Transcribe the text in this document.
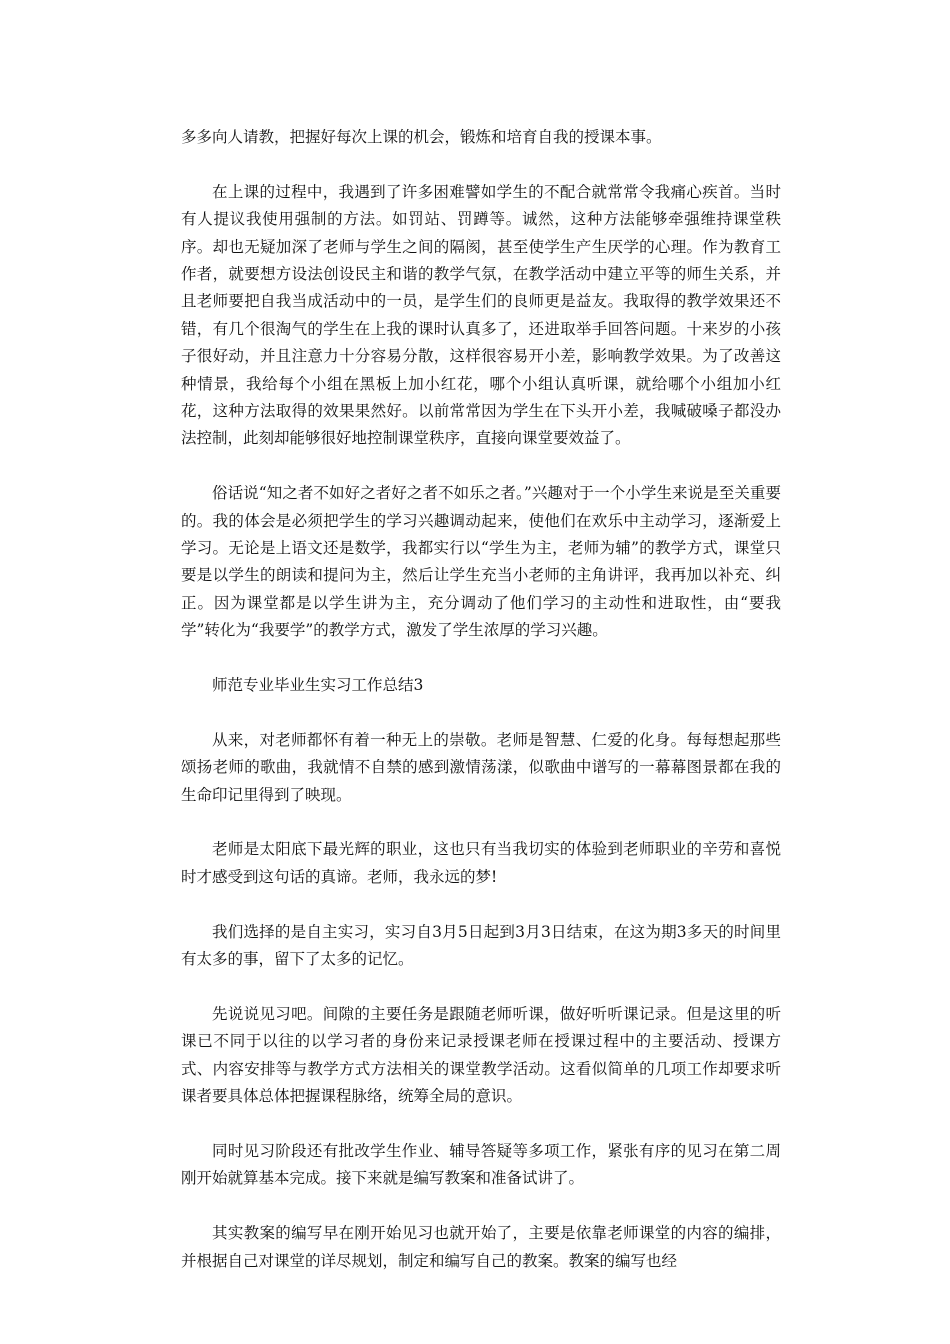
多多向人请教，把握好每次上课的机会，锻炼和培育自我的授课本事。

在上课的过程中，我遇到了许多困难譬如学生的不配合就常常令我痛心疾首。当时有人提议我使用强制的方法。如罚站、罚蹲等。诚然，这种方法能够牵强维持课堂秩序。却也无疑加深了老师与学生之间的隔阂，甚至使学生产生厌学的心理。作为教育工作者，就要想方设法创设民主和谐的教学气氛，在教学活动中建立平等的师生关系，并且老师要把自我当成活动中的一员，是学生们的良师更是益友。我取得的教学效果还不错，有几个很淘气的学生在上我的课时认真多了，还进取举手回答问题。十来岁的小孩子很好动，并且注意力十分容易分散，这样很容易开小差，影响教学效果。为了改善这种情景，我给每个小组在黑板上加小红花，哪个小组认真听课，就给哪个小组加小红花，这种方法取得的效果果然好。以前常常因为学生在下头开小差，我喊破嗓子都没办法控制，此刻却能够很好地控制课堂秩序，直接向课堂要效益了。

俗话说“知之者不如好之者好之者不如乐之者。”兴趣对于一个小学生来说是至关重要的。我的体会是必须把学生的学习兴趣调动起来，使他们在欢乐中主动学习，逐渐爱上学习。无论是上语文还是数学，我都实行以“学生为主，老师为辅”的教学方式，课堂只要是以学生的朗读和提问为主，然后让学生充当小老师的主角讲评，我再加以补充、纠正。因为课堂都是以学生讲为主，充分调动了他们学习的主动性和进取性，由“要我学”转化为“我要学”的教学方式，激发了学生浓厚的学习兴趣。

师范专业毕业生实习工作总结3

从来，对老师都怀有着一种无上的崇敬。老师是智慧、仁爱的化身。每每想起那些颂扬老师的歌曲，我就情不自禁的感到激情荡漾，似歌曲中谱写的一幕幕图景都在我的生命印记里得到了映现。

老师是太阳底下最光辉的职业，这也只有当我切实的体验到老师职业的辛劳和喜悦时才感受到这句话的真谛。老师，我永远的梦!

我们选择的是自主实习，实习自3月5日起到3月3日结束，在这为期3多天的时间里有太多的事，留下了太多的记忆。

先说说见习吧。间隙的主要任务是跟随老师听课，做好听听课记录。但是这里的听课已不同于以往的以学习者的身份来记录授课老师在授课过程中的主要活动、授课方式、内容安排等与教学方式方法相关的课堂教学活动。这看似简单的几项工作却要求听课者要具体总体把握课程脉络，统筹全局的意识。

同时见习阶段还有批改学生作业、辅导答疑等多项工作，紧张有序的见习在第二周刚开始就算基本完成。接下来就是编写教案和准备试讲了。

其实教案的编写早在刚开始见习也就开始了，主要是依靠老师课堂的内容的编排，并根据自己对课堂的详尽规划，制定和编写自己的教案。教案的编写也经
